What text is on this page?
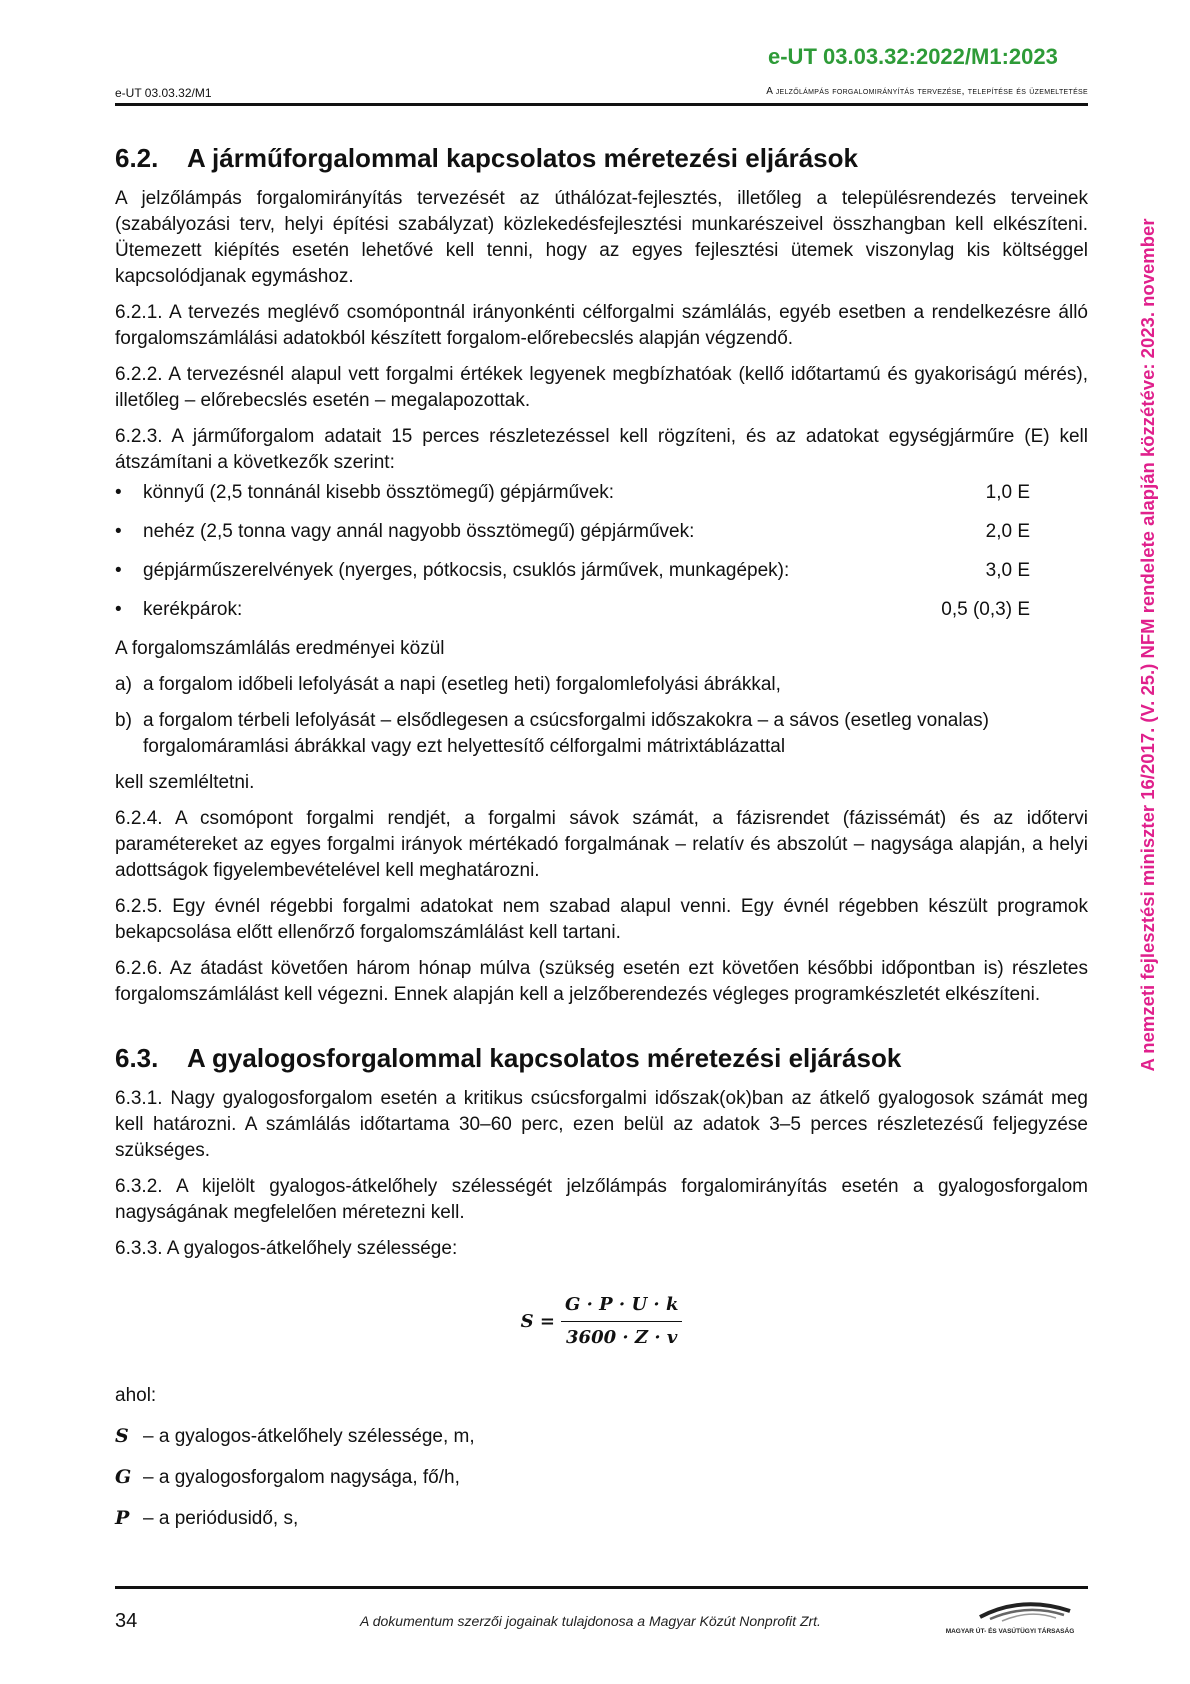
e-UT 03.03.32:2022/M1:2023
e-UT 03.03.32/M1	A jelzőlámpás forgalomirányítás tervezése, telepítése és üzemeltetése
A nemzeti fejlesztési miniszter 16/2017. (V. 25.) NFM rendelete alapján közzétéve: 2023. november
6.2. A járműforgalommal kapcsolatos méretezési eljárások

A jelzőlámpás forgalomirányítás tervezését az úthálózat-fejlesztés, illetőleg a településrendezés terveinek (szabályozási terv, helyi építési szabályzat) közlekedésfejlesztési munkarészeivel összhangban kell elkészíteni. Ütemezett kiépítés esetén lehetővé kell tenni, hogy az egyes fejlesztési ütemek viszonylag kis költséggel kapcsolódjanak egymáshoz.

6.2.1. A tervezés meglévő csomópontnál irányonkénti célforgalmi számlálás, egyéb esetben a rendelkezésre álló forgalomszámlálási adatokból készített forgalom-előrebecslés alapján végzendő.

6.2.2. A tervezésnél alapul vett forgalmi értékek legyenek megbízhatóak (kellő időtartamú és gyakoriságú mérés), illetőleg – előrebecslés esetén – megalapozottak.

6.2.3. A járműforgalom adatait 15 perces részletezéssel kell rögzíteni, és az adatokat egységjárműre (E) kell átszámítani a következők szerint:

•	könnyű (2,5 tonnánál kisebb össztömegű) gépjárművek:	1,0 E
•	nehéz (2,5 tonna vagy annál nagyobb össztömegű) gépjárművek:	2,0 E
•	gépjárműszerelvények (nyerges, pótkocsis, csuklós járművek, munkagépek):	3,0 E
•	kerékpárok:	0,5 (0,3) E

A forgalomszámlálás eredményei közül

a) a forgalom időbeli lefolyását a napi (esetleg heti) forgalomlefolyási ábrákkal,
b) a forgalom térbeli lefolyását – elsődlegesen a csúcsforgalmi időszakokra – a sávos (esetleg vonalas) forgalomáramlási ábrákkal vagy ezt helyettesítő célforgalmi mátrixtáblázattal

kell szemléltetni.

6.2.4. A csomópont forgalmi rendjét, a forgalmi sávok számát, a fázisrendet (fázissémát) és az időtervi paramétereket az egyes forgalmi irányok mértékadó forgalmának – relatív és abszolút – nagysága alapján, a helyi adottságok figyelembevételével kell meghatározni.

6.2.5. Egy évnél régebbi forgalmi adatokat nem szabad alapul venni. Egy évnél régebben készült programok bekapcsolása előtt ellenőrző forgalomszámlálást kell tartani.

6.2.6. Az átadást követően három hónap múlva (szükség esetén ezt követően későbbi időpontban is) részletes forgalomszámlálást kell végezni. Ennek alapján kell a jelzőberendezés végleges programkészletét elkészíteni.

6.3. A gyalogosforgalommal kapcsolatos méretezési eljárások

6.3.1. Nagy gyalogosforgalom esetén a kritikus csúcsforgalmi időszak(ok)ban az átkelő gyalogosok számát meg kell határozni. A számlálás időtartama 30–60 perc, ezen belül az adatok 3–5 perces részletezésű feljegyzése szükséges.

6.3.2. A kijelölt gyalogos-átkelőhely szélességét jelzőlámpás forgalomirányítás esetén a gyalogosforgalom nagyságának megfelelően méretezni kell.

6.3.3. A gyalogos-átkelőhely szélessége:

$S = \frac{G \cdot P \cdot U \cdot k}{3600 \cdot Z \cdot v}$

ahol:

S – a gyalogos-átkelőhely szélessége, m,
G – a gyalogosforgalom nagysága, fő/h,
P – a periódusidő, s,
34	A dokumentum szerzői jogainak tulajdonosa a Magyar Közút Nonprofit Zrt.
MAGYAR ÚT- ÉS VASÚTÜGYI TÁRSASÁG
